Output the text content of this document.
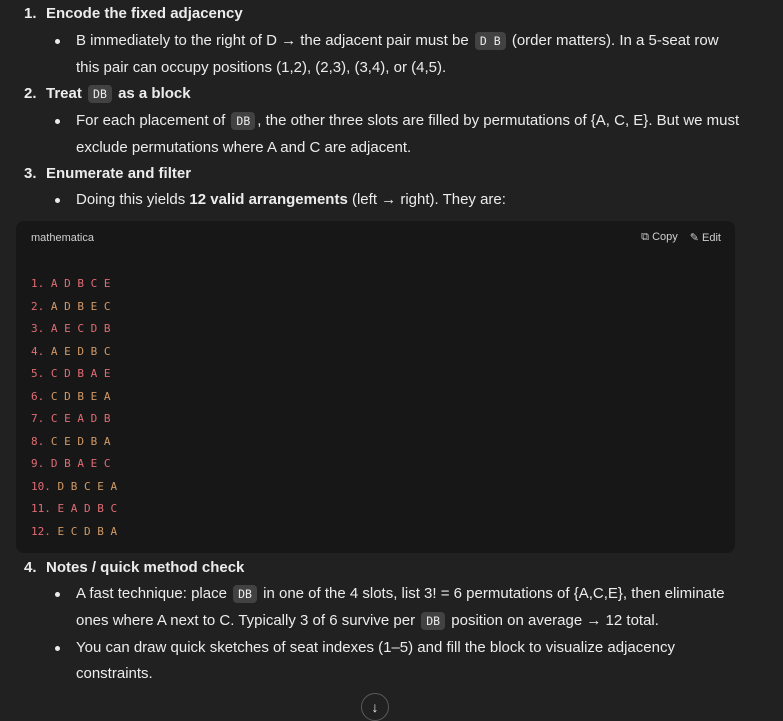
1. Encode the fixed adjacency
B immediately to the right of D → the adjacent pair must be D B (order matters). In a 5-seat row
this pair can occupy positions (1,2), (2,3), (3,4), or (4,5).
2. Treat DB as a block
For each placement of DB , the other three slots are filled by permutations of {A, C, E}. But we must
exclude permutations where A and C are adjacent.
3. Enumerate and filter
Doing this yields 12 valid arrangements (left → right). They are:
mathematica	⧉ Copy ✎ Edit
1. A D B C E
2. A D B E C
3. A E C D B
4. A E D B C
5. C D B A E
6. C D B E A
7. C E A D B
8. C E D B A
9. D B A E C
10. D B C E A
11. E A D B C
12. E C D B A
4. Notes / quick method check
A fast technique: place DB in one of the 4 slots, list 3! = 6 permutations of {A,C,E}, then eliminate
ones where A next to C. Typically 3 of 6 survive per DB position on average → 12 total.
You can draw quick sketches of seat indexes (1–5) and fill the block to visualize adjacency
constraints.
↓
